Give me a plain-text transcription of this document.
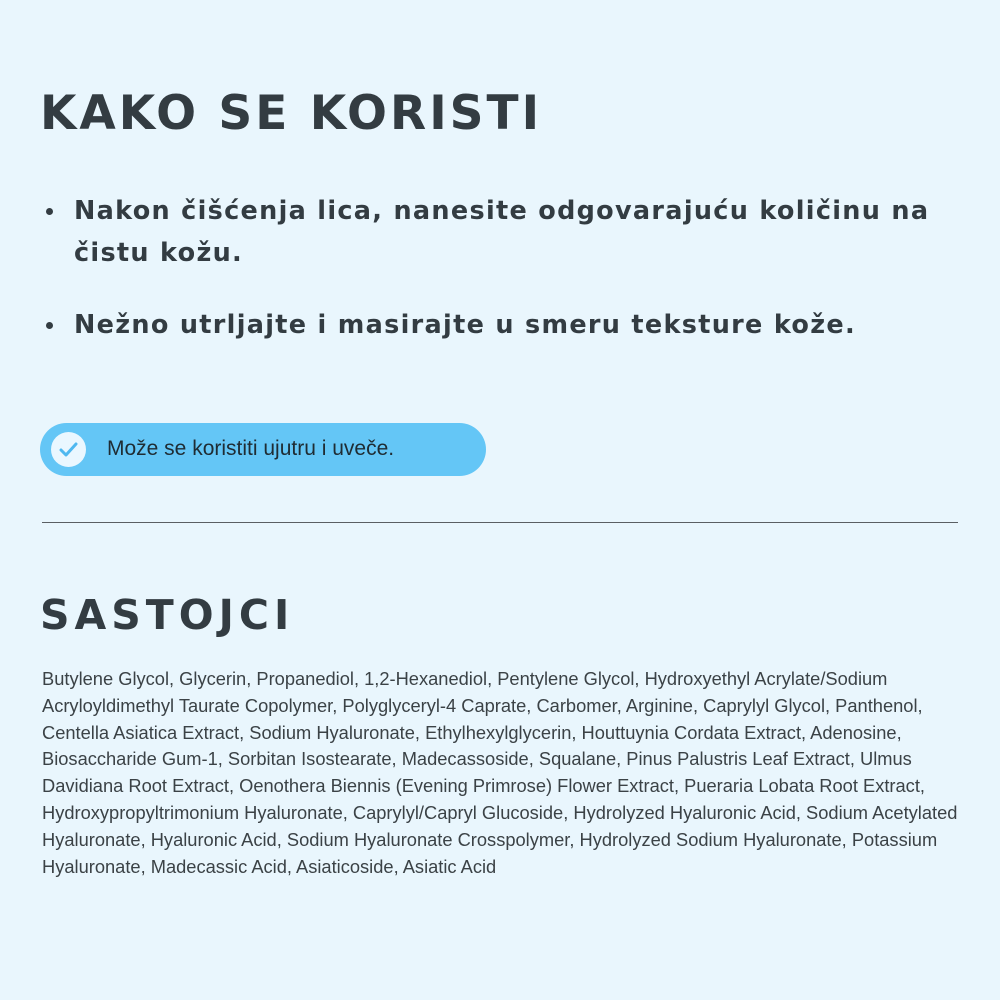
KAKO SE KORISTI
Nakon čišćenja lica, nanesite odgovarajuću količinu na čistu kožu.
Nežno utrljajte i masirajte u smeru teksture kože.
Može se koristiti ujutru i uveče.
SASTOJCI

Butylene Glycol, Glycerin, Propanediol, 1,2-Hexanediol, Pentylene Glycol, Hydroxyethyl Acrylate/Sodium Acryloyldimethyl Taurate Copolymer, Polyglyceryl-4 Caprate, Carbomer, Arginine, Caprylyl Glycol, Panthenol, Centella Asiatica Extract, Sodium Hyaluronate, Ethylhexylglycerin, Houttuynia Cordata Extract, Adenosine, Biosaccharide Gum-1, Sorbitan Isostearate, Madecassoside, Squalane, Pinus Palustris Leaf Extract, Ulmus Davidiana Root Extract, Oenothera Biennis (Evening Primrose) Flower Extract, Pueraria Lobata Root Extract, Hydroxypropyltrimonium Hyaluronate, Caprylyl/Capryl Glucoside, Hydrolyzed Hyaluronic Acid, Sodium Acetylated Hyaluronate, Hyaluronic Acid, Sodium Hyaluronate Crosspolymer, Hydrolyzed Sodium Hyaluronate, Potassium Hyaluronate, Madecassic Acid, Asiaticoside, Asiatic Acid
